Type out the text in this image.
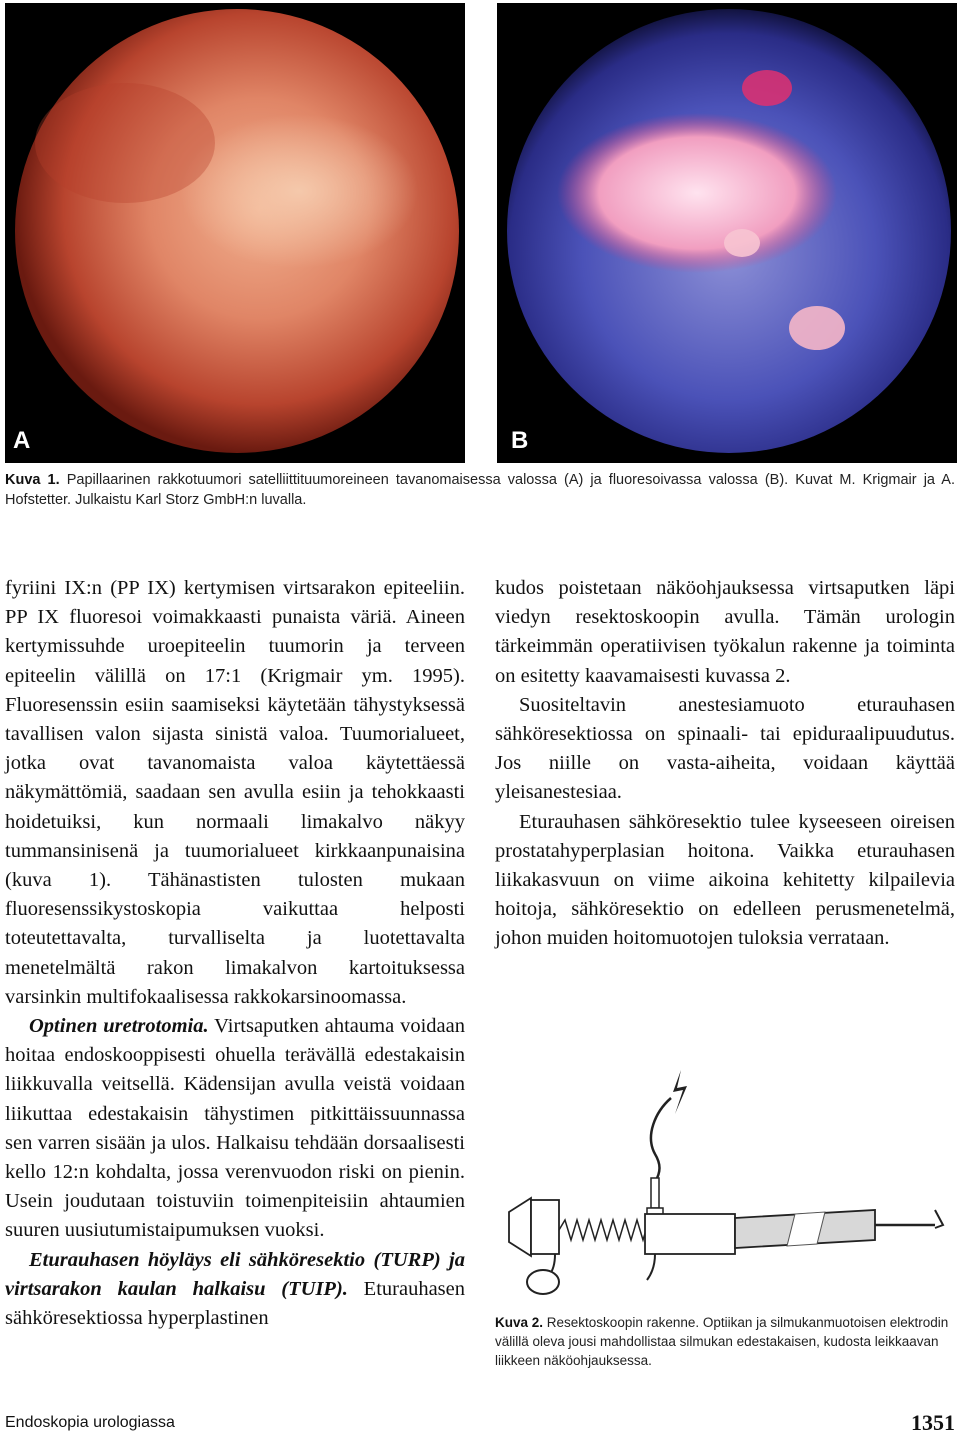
A	B
Kuva 1. Papillaarinen rakkotuumori satelliittituumoreineen tavanomaisessa valossa (A) ja fluoresoivassa valossa (B). Kuvat M. Krigmair ja A. Hofstetter. Julkaistu Karl Storz GmbH:n luvalla.

fyriini IX:n (PP IX) kertymisen virtsarakon epiteeliin. PP IX fluoresoi voimakkaasti punaista väriä. Aineen kertymissuhde uroepiteelin tuumorin ja terveen epiteelin välillä on 17:1 (Krigmair ym. 1995). Fluoresenssin esiin saamiseksi käytetään tähystyksessä tavallisen valon sijasta sinistä valoa. Tuumorialueet, jotka ovat tavanomaista valoa käytettäessä näkymättömiä, saadaan sen avulla esiin ja tehokkaasti hoidetuiksi, kun normaali limakalvo näkyy tummansinisenä ja tuumorialueet kirkkaanpunaisina (kuva 1). Tähänastisten tulosten mukaan fluoresenssikystoskopia vaikuttaa helposti toteutettavalta, turvalliselta ja luotettavalta menetelmältä rakon limakalvon kartoituksessa varsinkin multifokaalisessa rakkokarsinoomassa.

Optinen uretrotomia. Virtsaputken ahtauma voidaan hoitaa endoskooppisesti ohuella terävällä edestakaisin liikkuvalla veitsellä. Kädensijan avulla veistä voidaan liikuttaa edestakaisin tähystimen pitkittäissuunnassa sen varren sisään ja ulos. Halkaisu tehdään dorsaalisesti kello 12:n kohdalta, jossa verenvuodon riski on pienin. Usein joudutaan toistuviin toimenpiteisiin ahtaumien suuren uusiutumistaipumuksen vuoksi.

Eturauhasen höyläys eli sähköresektio (TURP) ja virtsarakon kaulan halkaisu (TUIP). Eturauhasen sähköresektiossa hyperplastinen

kudos poistetaan näköohjauksessa virtsaputken läpi viedyn resektoskoopin avulla. Tämän urologin tärkeimmän operatiivisen työkalun rakenne ja toiminta on esitetty kaavamaisesti kuvassa 2.

Suositeltavin anestesiamuoto eturauhasen sähköresektiossa on spinaali- tai epiduraalipuudutus. Jos niille on vasta-aiheita, voidaan käyttää yleisanestesiaa.

Eturauhasen sähköresektio tulee kyseeseen oireisen prostatahyperplasian hoitona. Vaikka eturauhasen liikakasvuun on viime aikoina kehitetty kilpailevia hoitoja, sähköresektio on edelleen perusmenetelmä, johon muiden hoitomuotojen tuloksia verrataan.

Kuva 2. Resektoskoopin rakenne. Optiikan ja silmukanmuotoisen elektrodin välillä oleva jousi mahdollistaa silmukan edestakaisen, kudosta leikkaavan liikkeen näköohjauksessa.
Endoskopia urologiassa	1351
